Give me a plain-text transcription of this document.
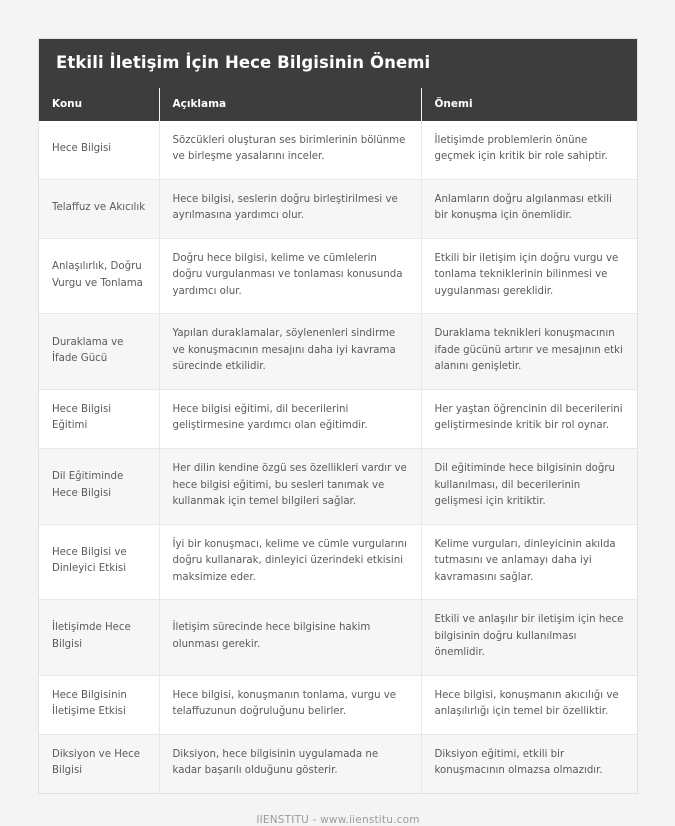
Etkili İletişim İçin Hece Bilgisinin Önemi
Konu	Açıklama	Önemi
Hece Bilgisi	Sözcükleri oluşturan ses birimlerinin bölünme ve birleşme yasalarını inceler.	İletişimde problemlerin önüne geçmek için kritik bir role sahiptir.
Telaffuz ve Akıcılık	Hece bilgisi, seslerin doğru birleştirilmesi ve ayrılmasına yardımcı olur.	Anlamların doğru algılanması etkili bir konuşma için önemlidir.
Anlaşılırlık, Doğru Vurgu ve Tonlama	Doğru hece bilgisi, kelime ve cümlelerin doğru vurgulanması ve tonlaması konusunda yardımcı olur.	Etkili bir iletişim için doğru vurgu ve tonlama tekniklerinin bilinmesi ve uygulanması gereklidir.
Duraklama ve İfade Gücü	Yapılan duraklamalar, söylenenleri sindirme ve konuşmacının mesajını daha iyi kavrama sürecinde etkilidir.	Duraklama teknikleri konuşmacının ifade gücünü artırır ve mesajının etki alanını genişletir.
Hece Bilgisi Eğitimi	Hece bilgisi eğitimi, dil becerilerini geliştirmesine yardımcı olan eğitimdir.	Her yaştan öğrencinin dil becerilerini geliştirmesinde kritik bir rol oynar.
Dil Eğitiminde Hece Bilgisi	Her dilin kendine özgü ses özellikleri vardır ve hece bilgisi eğitimi, bu sesleri tanımak ve kullanmak için temel bilgileri sağlar.	Dil eğitiminde hece bilgisinin doğru kullanılması, dil becerilerinin gelişmesi için kritiktir.
Hece Bilgisi ve Dinleyici Etkisi	İyi bir konuşmacı, kelime ve cümle vurgularını doğru kullanarak, dinleyici üzerindeki etkisini maksimize eder.	Kelime vurguları, dinleyicinin akılda tutmasını ve anlamayı daha iyi kavramasını sağlar.
İletişimde Hece Bilgisi	İletişim sürecinde hece bilgisine hakim olunması gerekir.	Etkili ve anlaşılır bir iletişim için hece bilgisinin doğru kullanılması önemlidir.
Hece Bilgisinin İletişime Etkisi	Hece bilgisi, konuşmanın tonlama, vurgu ve telaffuzunun doğruluğunu belirler.	Hece bilgisi, konuşmanın akıcılığı ve anlaşılırlığı için temel bir özelliktir.
Diksiyon ve Hece Bilgisi	Diksiyon, hece bilgisinin uygulamada ne kadar başarılı olduğunu gösterir.	Diksiyon eğitimi, etkili bir konuşmacının olmazsa olmazıdır.
IIENSTITU - www.iienstitu.com
